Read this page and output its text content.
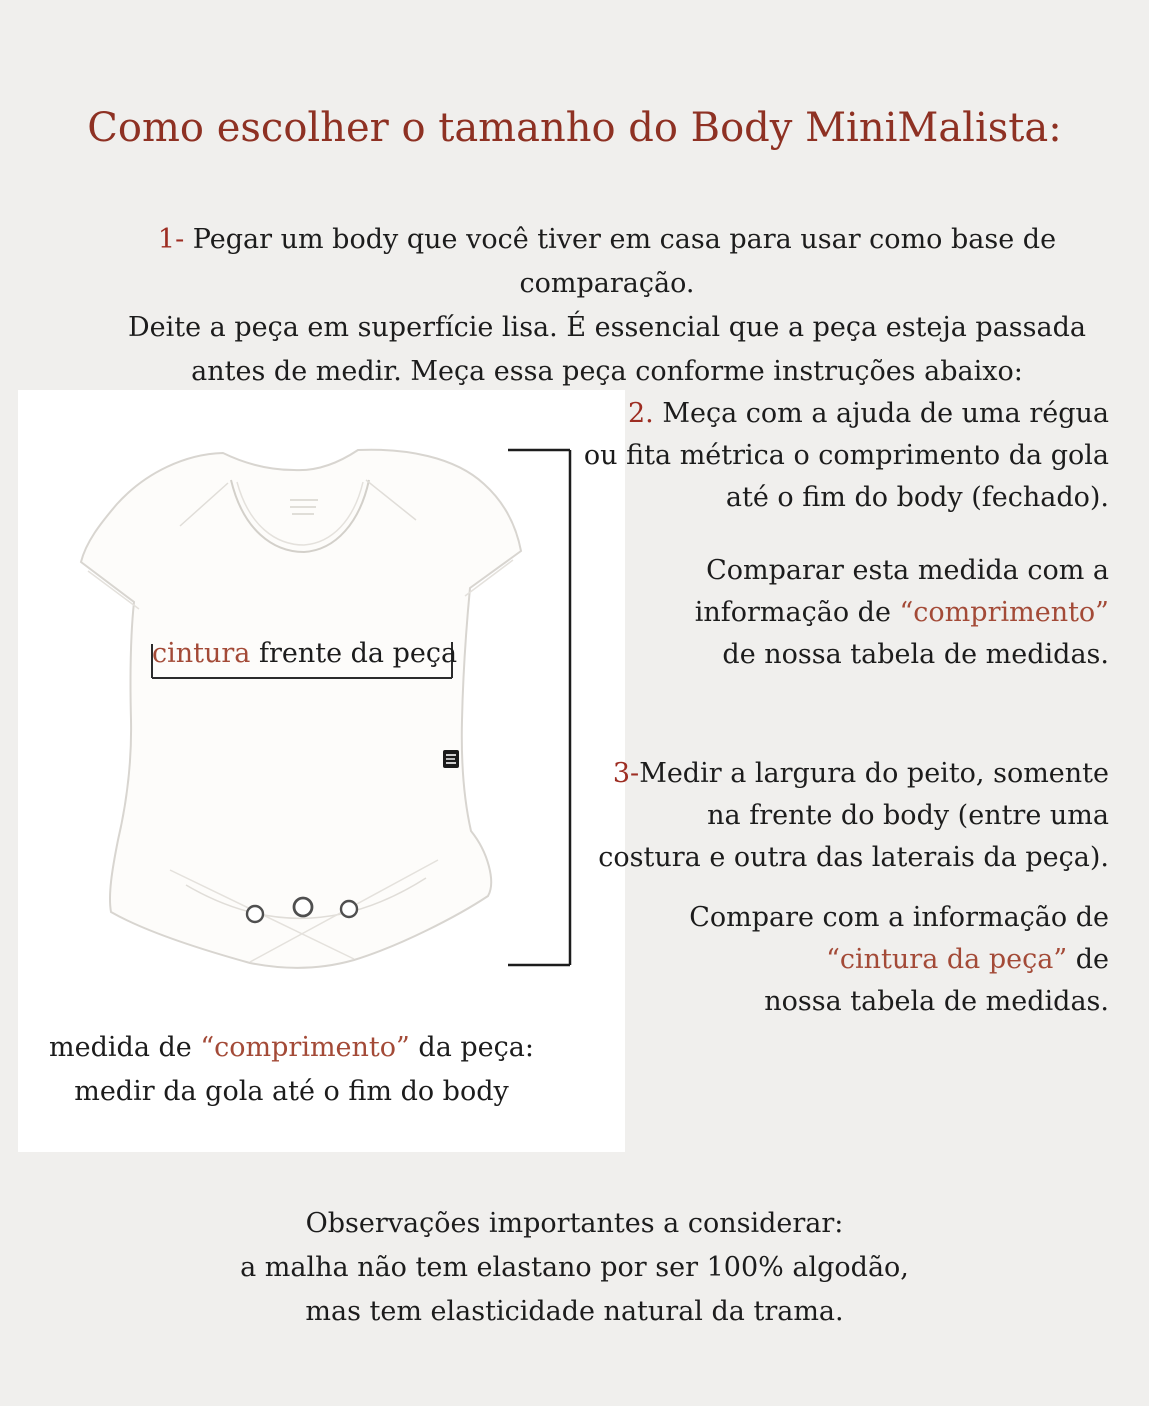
Como escolher o tamanho do Body MiniMalista:
1- Pegar um body que você tiver em casa para usar como base de comparação.
Deite a peça em superfície lisa. É essencial que a peça esteja passada
antes de medir. Meça essa peça conforme instruções abaixo:
cintura frente da peça
medida de “comprimento” da peça:
medir da gola até o fim do body
2. Meça com a ajuda de uma régua
ou fita métrica o comprimento da gola
até o fim do body (fechado).
Comparar esta medida com a
informação de “comprimento”
de nossa tabela de medidas.
3-Medir a largura do peito, somente
na frente do body (entre uma
costura e outra das laterais da peça).
Compare com a informação de
“cintura da peça” de
nossa tabela de medidas.
Observações importantes a considerar:
a malha não tem elastano por ser 100% algodão,
mas tem elasticidade natural da trama.
